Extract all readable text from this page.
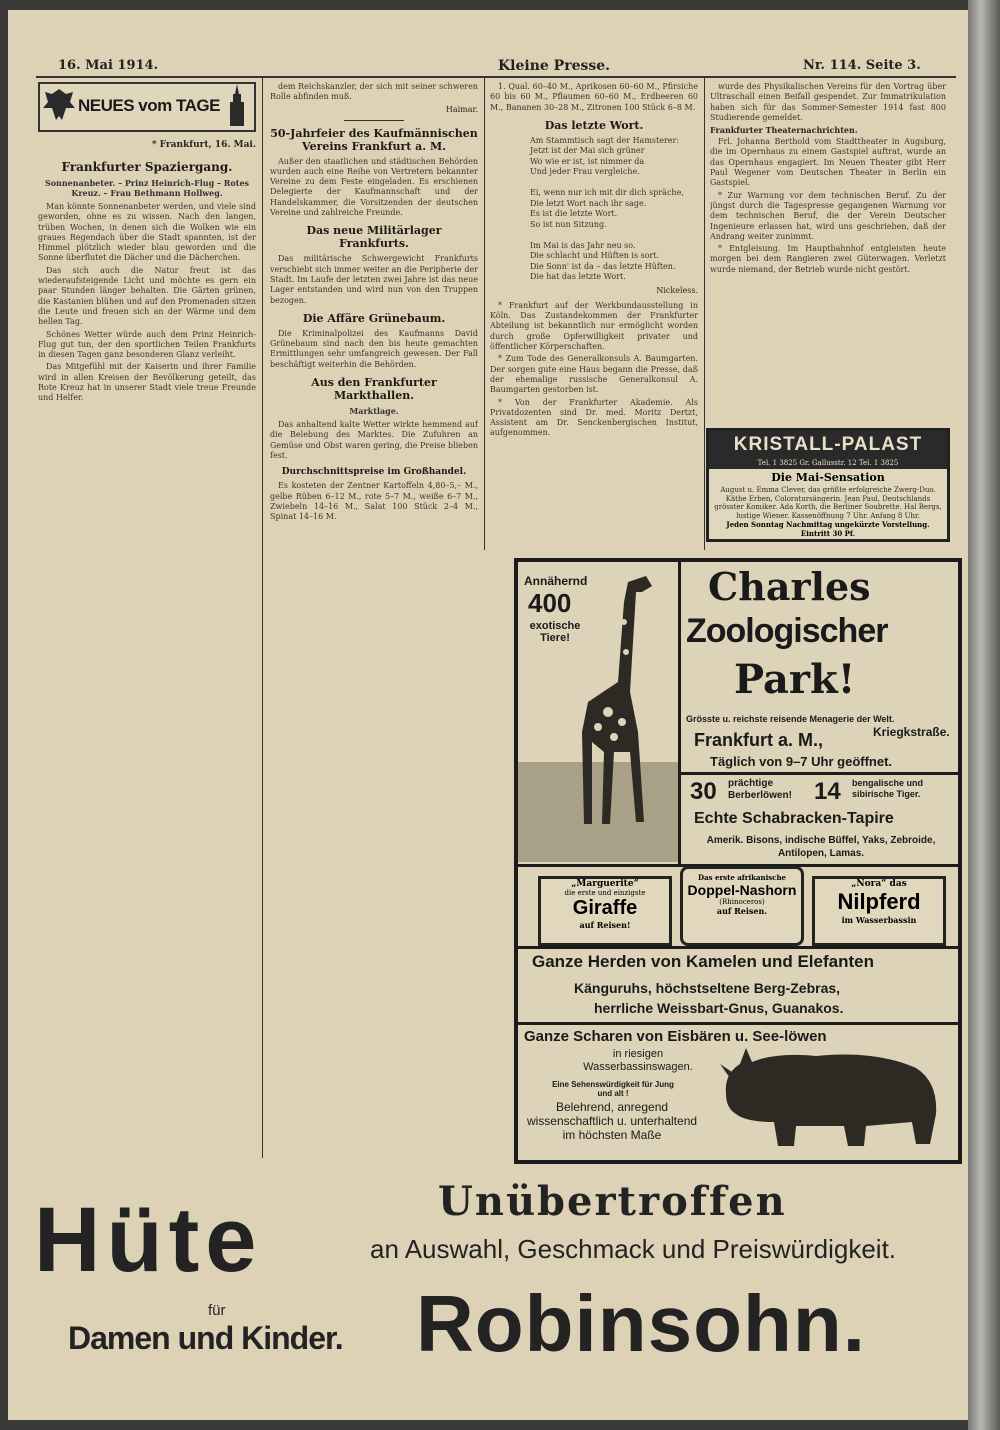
16. Mai 1914.	Kleine Presse.	Nr. 114. Seite 3.
NEUES vom TAGE
* Frankfurt, 16. Mai.
Frankfurter Spaziergang.
Sonnenanbeter. – Prinz Heinrich-Flug – Rotes Kreuz. – Frau Bethmann Hollweg.

Man könnte Sonnenanbeter werden, und viele sind geworden, ohne es zu wissen. Nach den langen, trüben Wochen, in denen sich die Wolken wie ein graues Regendach über die Stadt spannten, ist der Himmel plötzlich wieder blau geworden und die Sonne überflutet die Dächer und die Dächerchen.

Das sich auch die Natur freut ist das wiederaufsteigende Licht und möchte es gern ein paar Stunden länger behalten. Die Gärten grünen, die Kastanien blühen und auf den Promenaden sitzen die Leute und freuen sich an der Wärme und dem hellen Tag.

Schönes Wetter würde auch dem Prinz Heinrich-Flug gut tun, der den sportlichen Teilen Frankfurts in diesen Tagen ganz besonderen Glanz verleiht.

Das Mitgefühl mit der Kaiserin und ihrer Familie wird in allen Kreisen der Bevölkerung geteilt, das Rote Kreuz hat in unserer Stadt viele treue Freunde und Helfer.

dem Reichskanzler, der sich mit seiner schweren Rolle abfinden muß.

Haimar.
50-Jahrfeier des Kaufmännischen Vereins Frankfurt a. M.

Außer den staatlichen und städtischen Behörden wurden auch eine Reihe von Vertretern bekannter Vereine zu dem Feste eingeladen. Es erschienen Delegierte der Kaufmannschaft und der Handelskammer, die Vorsitzenden der deutschen Vereine und zahlreiche Freunde.

Das neue Militärlager Frankfurts.

Das militärische Schwergewicht Frankfurts verschiebt sich immer weiter an die Peripherie der Stadt. Im Laufe der letzten zwei Jahre ist das neue Lager entstanden und wird nun von den Truppen bezogen.

Die Affäre Grünebaum.

Die Kriminalpolizei des Kaufmanns David Grünebaum sind nach den bis heute gemachten Ermittlungen sehr umfangreich gewesen. Der Fall beschäftigt weiterhin die Behörden.

Aus den Frankfurter Markthallen.
Marktlage.

Das anhaltend kalte Wetter wirkte hemmend auf die Belebung des Marktes. Die Zufuhren an Gemüse und Obst waren gering, die Preise blieben fest.

Durchschnittspreise im Großhandel.

Es kosteten der Zentner Kartoffeln 4,80–5,– M., gelbe Rüben 6–12 M., rote 5–7 M., weiße 6–7 M., Zwiebeln 14–16 M., Salat 100 Stück 2–4 M., Spinat 14–16 M.

1. Qual. 60–40 M., Aprikosen 60–60 M., Pfirsiche 60 bis 60 M., Pflaumen 60–60 M., Erdbeeren 60 M., Bananen 30–28 M., Zitronen 100 Stück 6–8 M.

Das letzte Wort.

Am Stammtisch sagt der Hamsterer:

Jetzt ist der Mai sich grüner

Wo wie er ist, ist nimmer da

Und jeder Frau vergleiche.

Ei, wenn nur ich mit dir dich spräche,

Die letzt Wort nach ihr sage.

Es ist die letzte Wort.

So ist nun Sitzung.

Im Mai is das Jahr neu so.

Die schlacht und Hüften is sort.

Die Sonn' ist da – das letzte Hüften.

Die hat das letzte Wort.

Nickeless.

* Frankfurt auf der Werkbundausstellung in Köln. Das Zustandekommen der Frankfurter Abteilung ist bekanntlich nur ermöglicht worden durch große Opferwilligkeit privater und öffentlicher Körperschaften.

* Zum Tode des Generalkonsuls A. Baumgarten. Der sorgen gute eine Haus begann die Presse, daß der ehemalige russische Generalkonsul A. Baumgarten gestorben ist.

* Von der Frankfurter Akademie. Als Privatdozenten sind Dr. med. Moritz Dertzt, Assistent am Dr. Senckenbergischen Institut, aufgenommen.

wurde des Physikalischen Vereins für den Vortrag über Ultraschall einen Beifall gespendet. Zur Immatrikulation haben sich für das Sommer-Semester 1914 fast 800 Studierende gemeldet.

Frankfurter Theaternachrichten.

Frl. Johanna Berthold vom Stadttheater in Augsburg, die im Opernhaus zu einem Gastspiel auftrat, wurde an das Opernhaus engagiert. Im Neuen Theater gibt Herr Paul Wegener vom Deutschen Theater in Berlin ein Gastspiel.

* Zur Warnung vor dem technischen Beruf. Zu der jüngst durch die Tagespresse gegangenen Warnung vor dem technischen Beruf, die der Verein Deutscher Ingenieure erlassen hat, wird uns geschrieben, daß der Andrang weiter zunimmt.

* Entgleisung. Im Hauptbahnhof entgleisten heute morgen bei dem Rangieren zwei Güterwagen. Verletzt wurde niemand, der Betrieb wurde nicht gestört.

KRISTALL-PALAST
Tel. 1 3825 Gr. Gallusstr. 12 Tel. 1 3825
Die Mai-Sensation
August u. Emma Clever, das größte erfolgreiche Zwerg-Duo. Käthe Erben, Coloratursängerin. Jean Paul, Deutschlands grösster Komiker. Ada Korth, die Berliner Soubrette. Hal Bergs, lustige Wiener. Kassenöffnung 7 Uhr. Anfang 8 Uhr.
Jeden Sonntag Nachmittag ungekürzte Vorstellung. Eintritt 30 Pf.
Annähernd
400
exotische Tiere!
Charles
Zoologischer
Park!
Grösste u. reichste reisende Menagerie der Welt.
Frankfurt a. M.,	Kriegkstraße.
Täglich von 9–7 Uhr geöffnet.
30 prächtige Berberlöwen! 14 bengalische und sibirische Tiger.
Echte Schabracken-Tapire
Amerik. Bisons, indische Büffel, Yaks, Zebroide, Antilopen, Lamas.
„Marguerite“
die erste und einzigste
Giraffe
auf Reisen!
Das erste afrikanische
Doppel-Nashorn
(Rhinoceros)
auf Reisen.
„Nora“ das
Nilpferd
im Wasserbassin
Ganze Herden von Kamelen und Elefanten
Känguruhs, höchstseltene Berg-Zebras,
herrliche Weissbart-Gnus, Guanakos.
Ganze Scharen von Eisbären u. See-löwen
in riesigen Wasserbassinswagen.
Eine Sehenswürdigkeit für Jung und alt !
Belehrend, anregend wissenschaftlich u. unterhaltend im höchsten Maße
Hüte
für
Damen und Kinder.
Unübertroffen
an Auswahl, Geschmack und Preiswürdigkeit.
Robinsohn.
